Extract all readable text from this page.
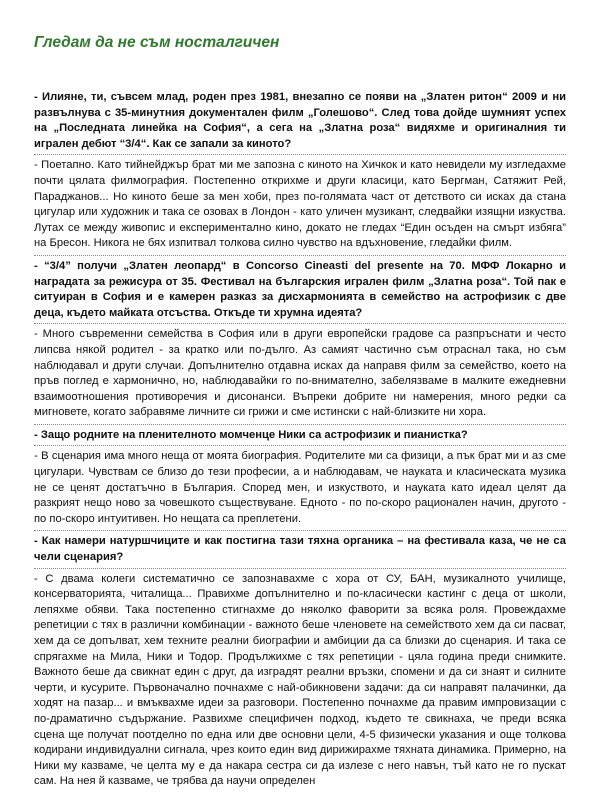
Гледам да не съм носталгичен

- Илияне, ти, съвсем млад, роден през 1981, внезапно се появи на „Златен ритон“ 2009 и ни развълнува с 35-минутния документален филм „Голешово“. След това дойде шумният успех на „Последната линейка на София“, а сега на „Златна роза“ видяхме и оригиналния ти игрален дебют “3/4“. Как се запали за киното?

- Поетапно. Като тийнейджър брат ми ме запозна с киното на Хичкок и като невидели му изгледахме почти цялата филмография. Постепенно открихме и други класици, като Бергман, Сатяжит Рей, Параджанов... Но киното беше за мен хоби, през по-голямата част от детството си исках да стана цигулар или художник и така се озовах в Лондон - като уличен музикант, следвайки изящни изкуства. Лутах се между живопис и експериментално кино, докато не гледах “Един осъден на смърт избяга” на Бресон. Никога не бях изпитвал толкова силно чувство на вдъхновение, гледайки филм.

- “3/4” получи „Златен леопард“ в Concorso Cineasti del presente на 70. МФФ Локарно и наградата за режисура от 35. Фестивал на българския игрален филм „Златна роза“. Той пак е ситуиран в София и е камерен разказ за дисхармонията в семейство на астрофизик с две деца, където майката отсъства. Откъде ти хрумна идеята?

- Много съвременни семейства в София или в други европейски градове са разпръснати и често липсва някой родител - за кратко или по-дълго. Аз самият частично съм отраснал така, но съм наблюдавал и други случаи. Допълнително отдавна исках да направя филм за семейство, което на пръв поглед е хармонично, но, наблюдавайки го по-внимателно, забелязваме в малките ежедневни взаимоотношения противоречия и дисонанси. Въпреки добрите ни намерения, много редки са мигновете, когато забравяме личните си грижи и сме истински с най-близките ни хора.

- Защо родните на пленителното момченце Ники са астрофизик и пианистка?

- В сценария има много неща от моята биография. Родителите ми са физици, а пък брат ми и аз сме цигулари. Чувствам се близо до тези професии, а и наблюдавам, че науката и класическата музика не се ценят достатъчно в България. Според мен, и изкуството, и науката като идеал целят да разкрият нещо ново за човешкото съществуване. Едното - по по-скоро рационален начин, другото - по по-скоро интуитивен. Но нещата са преплетени.

- Как намери натуршчиците и как постигна тази тяхна органика – на фестивала каза, че не са чели сценария?

- С двама колеги систематично се запознавахме с хора от СУ, БАН, музикалното училище, консерваторията, читалища... Правихме допълнително и по-класически кастинг с деца от школи, лепяхме обяви. Така постепенно стигнахме до няколко фаворити за всяка роля. Провеждахме репетиции с тях в различни комбинации - важното беше членовете на семейството хем да си пасват, хем да се допълват, хем техните реални биографии и амбиции да са близки до сценария. И така се спрягахме на Мила, Ники и Тодор. Продължихме с тях репетиции - цяла година преди снимките. Важното беше да свикнат един с друг, да изградят реални връзки, спомени и да си знаят и силните черти, и кусурите. Първоначално почнахме с най-обикновени задачи: да си направят палачинки, да ходят на пазар... и вмъквахме идеи за разговори. Постепенно почнахме да правим импровизации с по-драматично съдържание. Развихме специфичен подход, където те свикнаха, че преди всяка сцена ще получат поотделно по една или две основни цели, 4-5 физически указания и още толкова кодирани индивидуални сигнала, чрез които един вид дирижирахме тяхната динамика. Примерно, на Ники му казваме, че целта му е да накара сестра си да излезе с него навън, тъй като не го пускат сам. На нея й казваме, че трябва да научи определен
